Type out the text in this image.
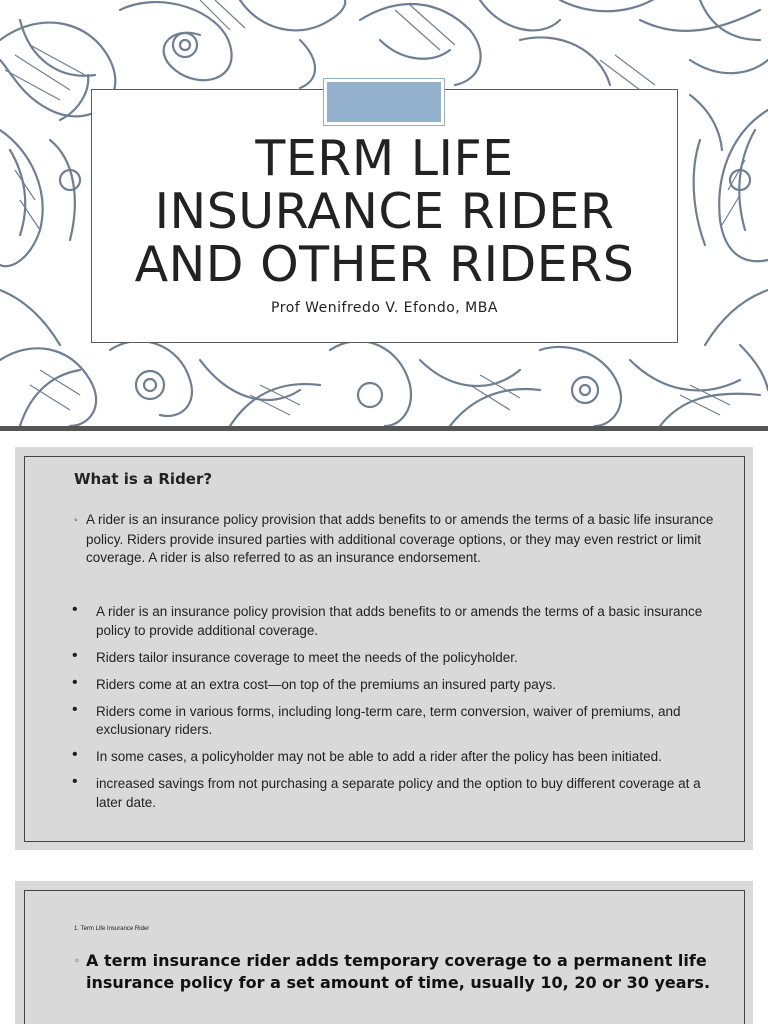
TERM LIFE
INSURANCE RIDER
AND OTHER RIDERS
Prof Wenifredo V. Efondo, MBA
What is a Rider?

◦ A rider is an insurance policy provision that adds benefits to or amends the terms of a basic life insurance policy. Riders provide insured parties with additional coverage options, or they may even restrict or limit coverage. A rider is also referred to as an insurance endorsement.

• A rider is an insurance policy provision that adds benefits to or amends the terms of a basic insurance policy to provide additional coverage.
• Riders tailor insurance coverage to meet the needs of the policyholder.
• Riders come at an extra cost—on top of the premiums an insured party pays.
• Riders come in various forms, including long-term care, term conversion, waiver of premiums, and exclusionary riders.
• In some cases, a policyholder may not be able to add a rider after the policy has been initiated.
• increased savings from not purchasing a separate policy and the option to buy different coverage at a later date.
1. Term Life Insurance Rider

◦ A term insurance rider adds temporary coverage to a permanent life insurance policy for a set amount of time, usually 10, 20 or 30 years.
